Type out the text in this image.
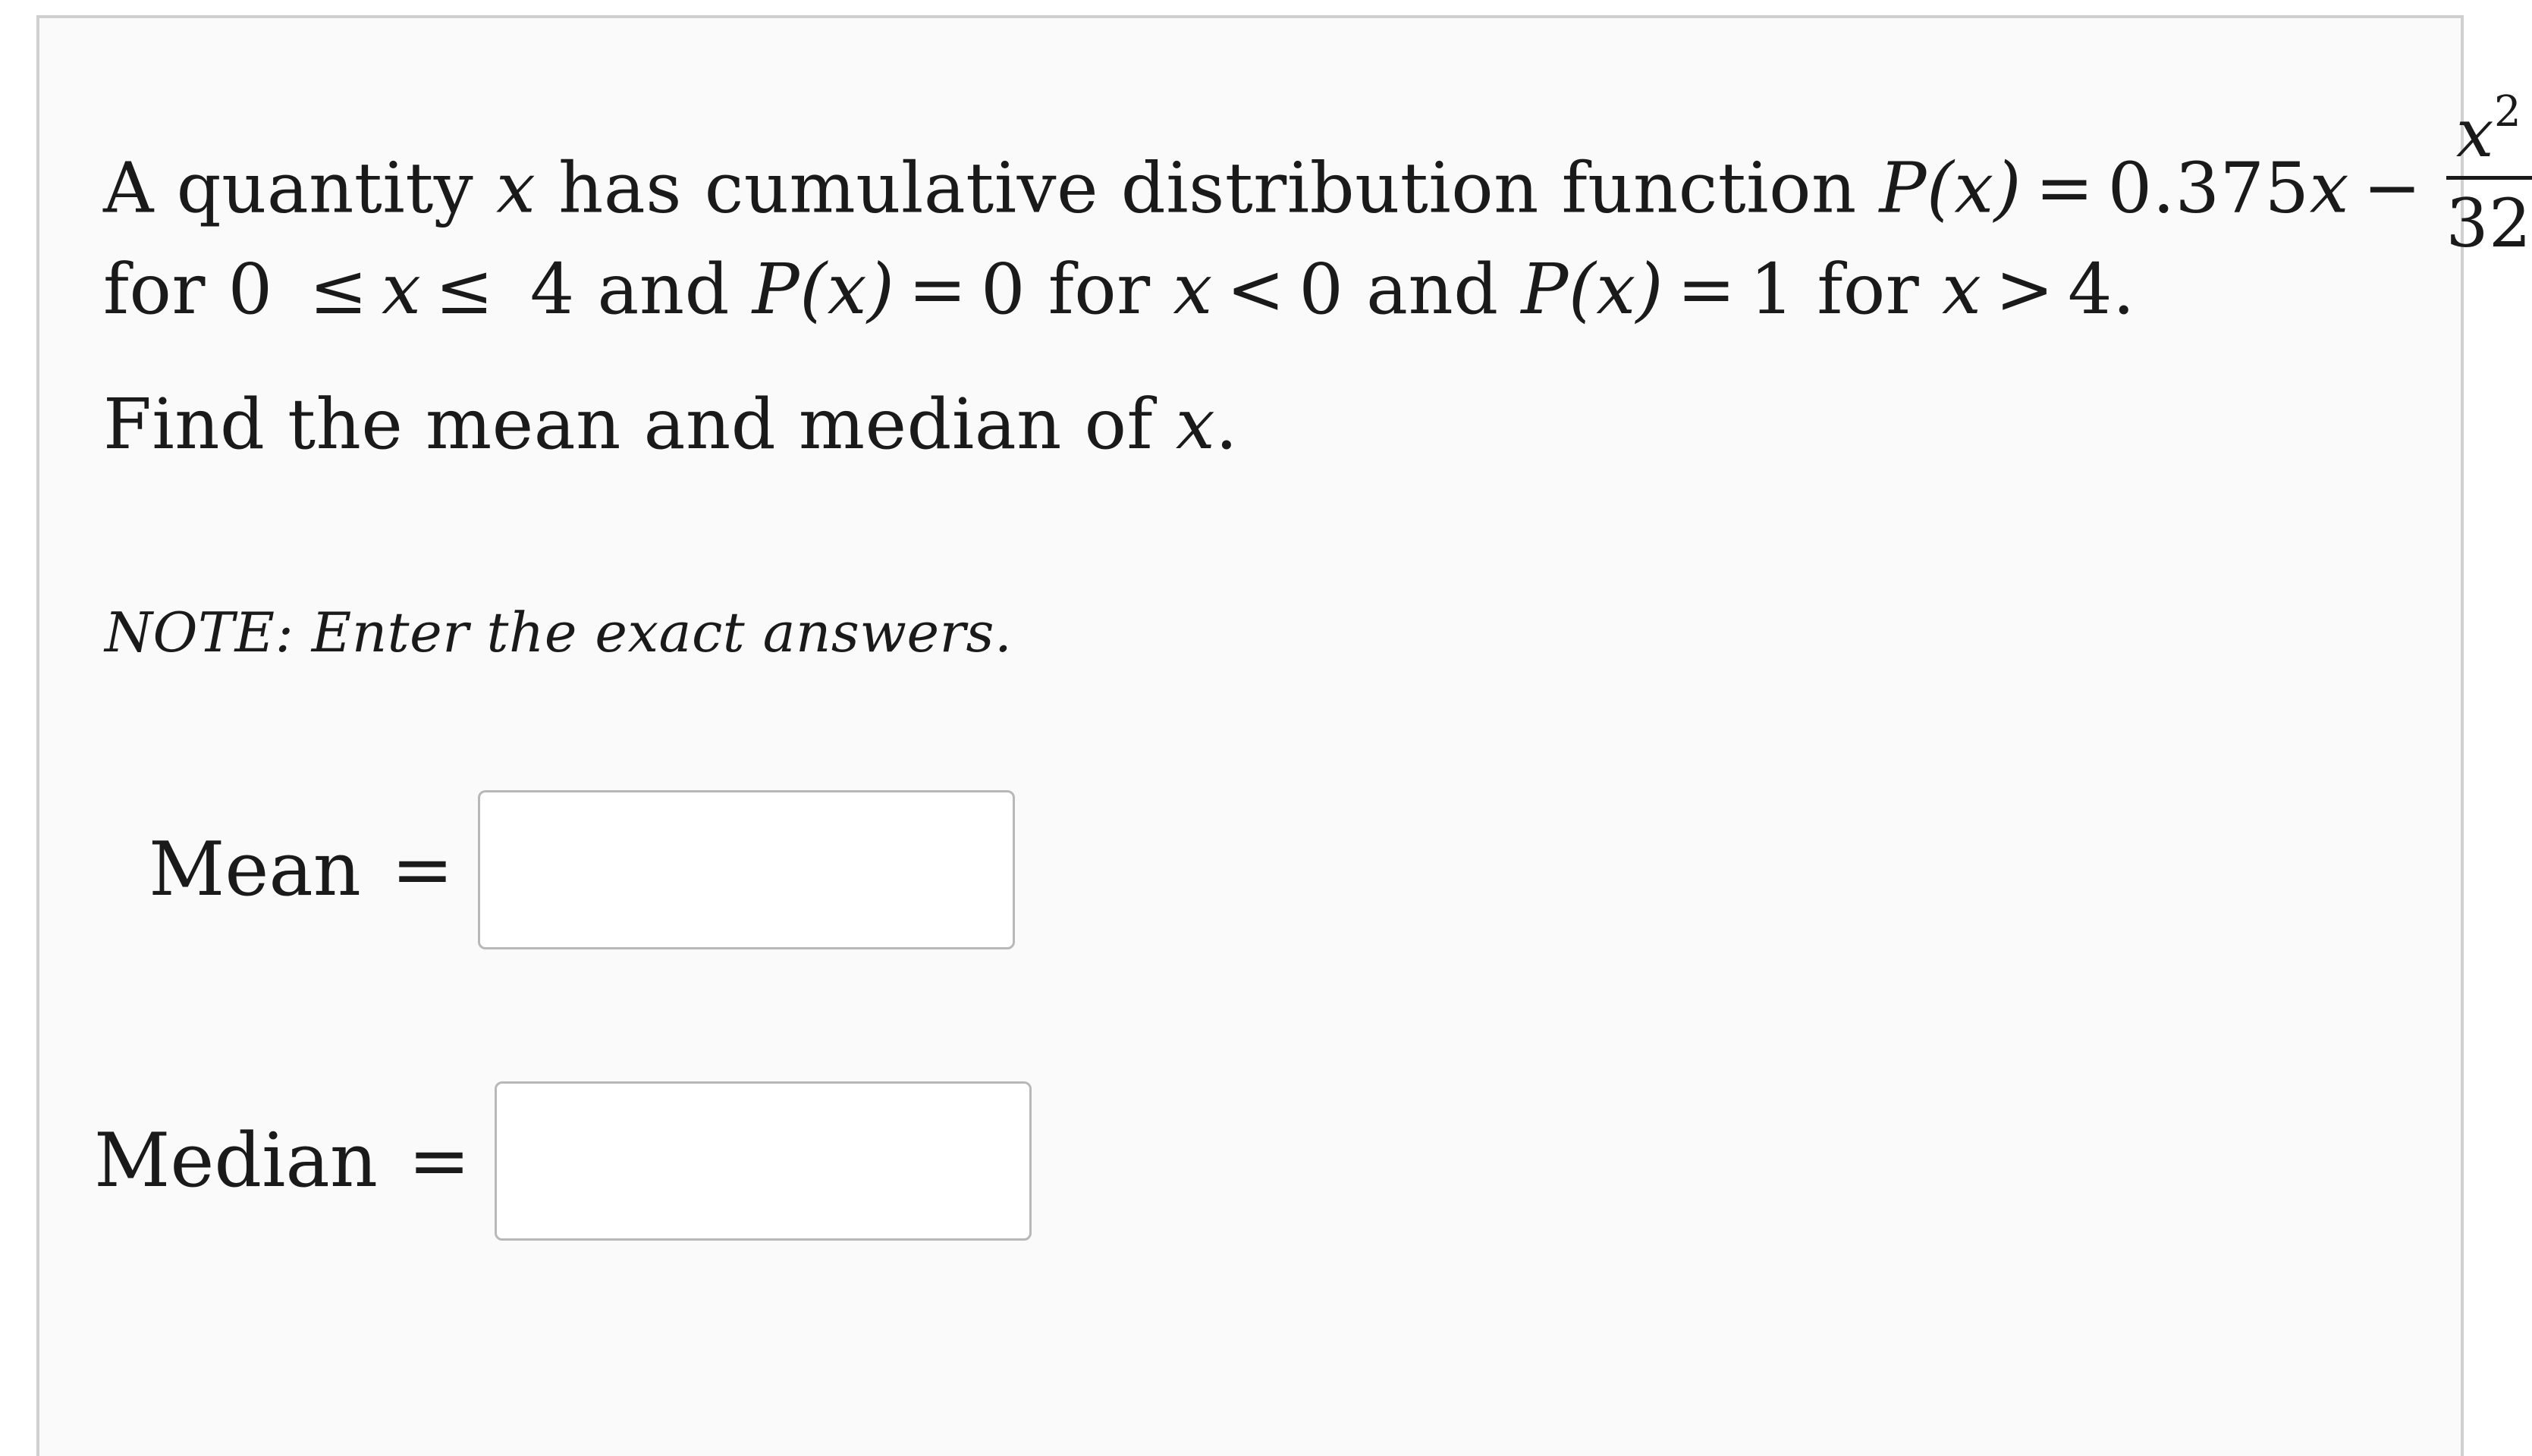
A quantity x has cumulative distribution function $P(x) = 0.375x - \frac{x^2}{32}$
for 0 ≤ x ≤ 4 and P(x) = 0 for x < 0 and P(x) = 1 for x > 4.
Find the mean and median of x.
NOTE: Enter the exact answers.
Mean =
Median =
